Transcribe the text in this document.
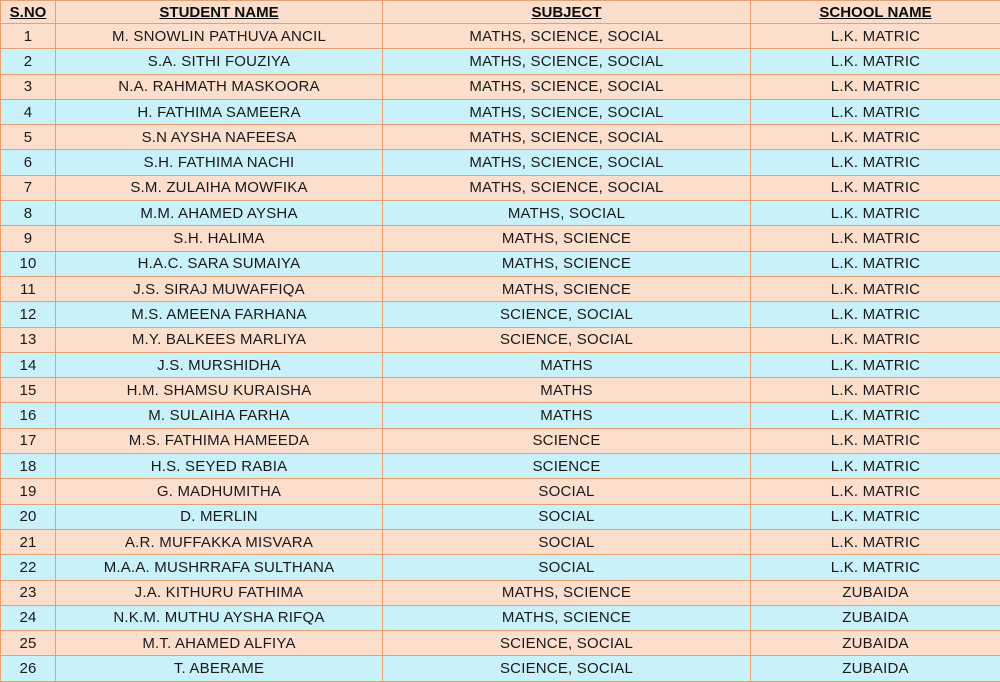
S.NO	STUDENT NAME	SUBJECT	SCHOOL NAME
1	M. SNOWLIN PATHUVA ANCIL	MATHS, SCIENCE, SOCIAL	L.K. MATRIC
2	S.A. SITHI FOUZIYA	MATHS, SCIENCE, SOCIAL	L.K. MATRIC
3	N.A. RAHMATH MASKOORA	MATHS, SCIENCE, SOCIAL	L.K. MATRIC
4	H. FATHIMA SAMEERA	MATHS, SCIENCE, SOCIAL	L.K. MATRIC
5	S.N AYSHA NAFEESA	MATHS, SCIENCE, SOCIAL	L.K. MATRIC
6	S.H. FATHIMA NACHI	MATHS, SCIENCE, SOCIAL	L.K. MATRIC
7	S.M. ZULAIHA MOWFIKA	MATHS, SCIENCE, SOCIAL	L.K. MATRIC
8	M.M. AHAMED AYSHA	MATHS, SOCIAL	L.K. MATRIC
9	S.H. HALIMA	MATHS, SCIENCE	L.K. MATRIC
10	H.A.C. SARA SUMAIYA	MATHS, SCIENCE	L.K. MATRIC
11	J.S. SIRAJ MUWAFFIQA	MATHS, SCIENCE	L.K. MATRIC
12	M.S. AMEENA FARHANA	SCIENCE, SOCIAL	L.K. MATRIC
13	M.Y. BALKEES MARLIYA	SCIENCE, SOCIAL	L.K. MATRIC
14	J.S. MURSHIDHA	MATHS	L.K. MATRIC
15	H.M. SHAMSU KURAISHA	MATHS	L.K. MATRIC
16	M. SULAIHA FARHA	MATHS	L.K. MATRIC
17	M.S. FATHIMA HAMEEDA	SCIENCE	L.K. MATRIC
18	H.S. SEYED RABIA	SCIENCE	L.K. MATRIC
19	G. MADHUMITHA	SOCIAL	L.K. MATRIC
20	D. MERLIN	SOCIAL	L.K. MATRIC
21	A.R. MUFFAKKA MISVARA	SOCIAL	L.K. MATRIC
22	M.A.A. MUSHRRAFA SULTHANA	SOCIAL	L.K. MATRIC
23	J.A. KITHURU FATHIMA	MATHS, SCIENCE	ZUBAIDA
24	N.K.M. MUTHU AYSHA RIFQA	MATHS, SCIENCE	ZUBAIDA
25	M.T. AHAMED ALFIYA	SCIENCE, SOCIAL	ZUBAIDA
26	T. ABERAME	SCIENCE, SOCIAL	ZUBAIDA
